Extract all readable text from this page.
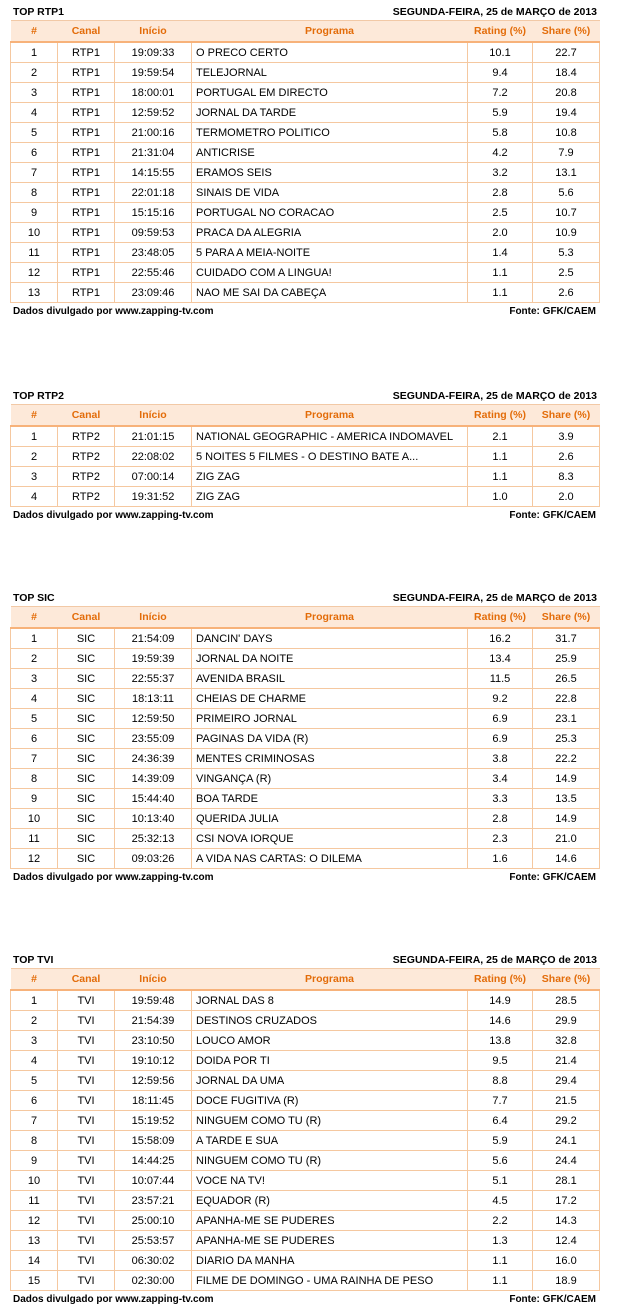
TOP RTP1	SEGUNDA-FEIRA, 25 de MARÇO de 2013
#	Canal	Início	Programa	Rating (%)	Share (%)
1	RTP1	19:09:33	O PRECO CERTO	10.1	22.7
2	RTP1	19:59:54	TELEJORNAL	9.4	18.4
3	RTP1	18:00:01	PORTUGAL EM DIRECTO	7.2	20.8
4	RTP1	12:59:52	JORNAL DA TARDE	5.9	19.4
5	RTP1	21:00:16	TERMOMETRO POLITICO	5.8	10.8
6	RTP1	21:31:04	ANTICRISE	4.2	7.9
7	RTP1	14:15:55	ERAMOS SEIS	3.2	13.1
8	RTP1	22:01:18	SINAIS DE VIDA	2.8	5.6
9	RTP1	15:15:16	PORTUGAL NO CORACAO	2.5	10.7
10	RTP1	09:59:53	PRACA DA ALEGRIA	2.0	10.9
11	RTP1	23:48:05	5 PARA A MEIA-NOITE	1.4	5.3
12	RTP1	22:55:46	CUIDADO COM A LINGUA!	1.1	2.5
13	RTP1	23:09:46	NAO ME SAI DA CABEÇA	1.1	2.6
Dados divulgado por www.zapping-tv.com	Fonte: GFK/CAEM
TOP RTP2	SEGUNDA-FEIRA, 25 de MARÇO de 2013
#	Canal	Início	Programa	Rating (%)	Share (%)
1	RTP2	21:01:15	NATIONAL GEOGRAPHIC - AMERICA INDOMAVEL	2.1	3.9
2	RTP2	22:08:02	5 NOITES 5 FILMES - O DESTINO BATE A...	1.1	2.6
3	RTP2	07:00:14	ZIG ZAG	1.1	8.3
4	RTP2	19:31:52	ZIG ZAG	1.0	2.0
Dados divulgado por www.zapping-tv.com	Fonte: GFK/CAEM
TOP SIC	SEGUNDA-FEIRA, 25 de MARÇO de 2013
#	Canal	Início	Programa	Rating (%)	Share (%)
1	SIC	21:54:09	DANCIN' DAYS	16.2	31.7
2	SIC	19:59:39	JORNAL DA NOITE	13.4	25.9
3	SIC	22:55:37	AVENIDA BRASIL	11.5	26.5
4	SIC	18:13:11	CHEIAS DE CHARME	9.2	22.8
5	SIC	12:59:50	PRIMEIRO JORNAL	6.9	23.1
6	SIC	23:55:09	PAGINAS DA VIDA (R)	6.9	25.3
7	SIC	24:36:39	MENTES CRIMINOSAS	3.8	22.2
8	SIC	14:39:09	VINGANÇA (R)	3.4	14.9
9	SIC	15:44:40	BOA TARDE	3.3	13.5
10	SIC	10:13:40	QUERIDA JULIA	2.8	14.9
11	SIC	25:32:13	CSI NOVA IORQUE	2.3	21.0
12	SIC	09:03:26	A VIDA NAS CARTAS: O DILEMA	1.6	14.6
Dados divulgado por www.zapping-tv.com	Fonte: GFK/CAEM
TOP TVI	SEGUNDA-FEIRA, 25 de MARÇO de 2013
#	Canal	Início	Programa	Rating (%)	Share (%)
1	TVI	19:59:48	JORNAL DAS 8	14.9	28.5
2	TVI	21:54:39	DESTINOS CRUZADOS	14.6	29.9
3	TVI	23:10:50	LOUCO AMOR	13.8	32.8
4	TVI	19:10:12	DOIDA POR TI	9.5	21.4
5	TVI	12:59:56	JORNAL DA UMA	8.8	29.4
6	TVI	18:11:45	DOCE FUGITIVA (R)	7.7	21.5
7	TVI	15:19:52	NINGUEM COMO TU (R)	6.4	29.2
8	TVI	15:58:09	A TARDE E SUA	5.9	24.1
9	TVI	14:44:25	NINGUEM COMO TU (R)	5.6	24.4
10	TVI	10:07:44	VOCE NA TV!	5.1	28.1
11	TVI	23:57:21	EQUADOR (R)	4.5	17.2
12	TVI	25:00:10	APANHA-ME SE PUDERES	2.2	14.3
13	TVI	25:53:57	APANHA-ME SE PUDERES	1.3	12.4
14	TVI	06:30:02	DIARIO DA MANHA	1.1	16.0
15	TVI	02:30:00	FILME DE DOMINGO - UMA RAINHA DE PESO	1.1	18.9
Dados divulgado por www.zapping-tv.com	Fonte: GFK/CAEM
